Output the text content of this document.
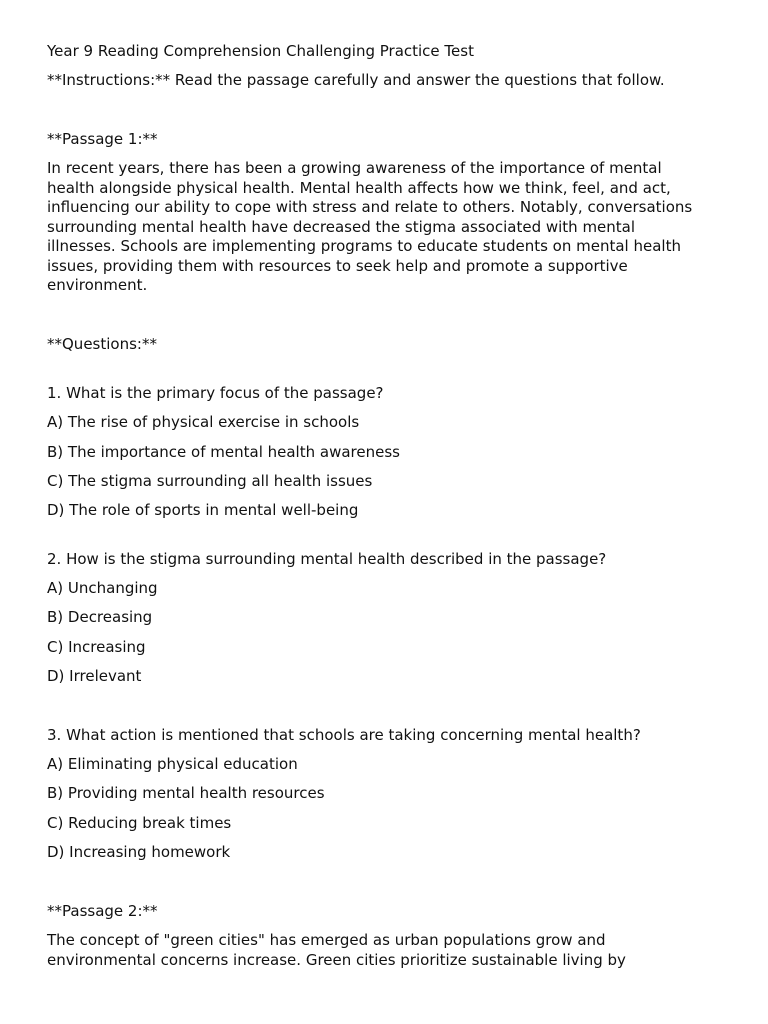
Year 9 Reading Comprehension Challenging Practice Test
**Instructions:** Read the passage carefully and answer the questions that follow.
**Passage 1:**
In recent years, there has been a growing awareness of the importance of mental
health alongside physical health. Mental health affects how we think, feel, and act,
influencing our ability to cope with stress and relate to others. Notably, conversations
surrounding mental health have decreased the stigma associated with mental
illnesses. Schools are implementing programs to educate students on mental health
issues, providing them with resources to seek help and promote a supportive
environment.
**Questions:**
1. What is the primary focus of the passage?
A) The rise of physical exercise in schools
B) The importance of mental health awareness
C) The stigma surrounding all health issues
D) The role of sports in mental well-being
2. How is the stigma surrounding mental health described in the passage?
A) Unchanging
B) Decreasing
C) Increasing
D) Irrelevant
3. What action is mentioned that schools are taking concerning mental health?
A) Eliminating physical education
B) Providing mental health resources
C) Reducing break times
D) Increasing homework
**Passage 2:**
The concept of "green cities" has emerged as urban populations grow and
environmental concerns increase. Green cities prioritize sustainable living by
